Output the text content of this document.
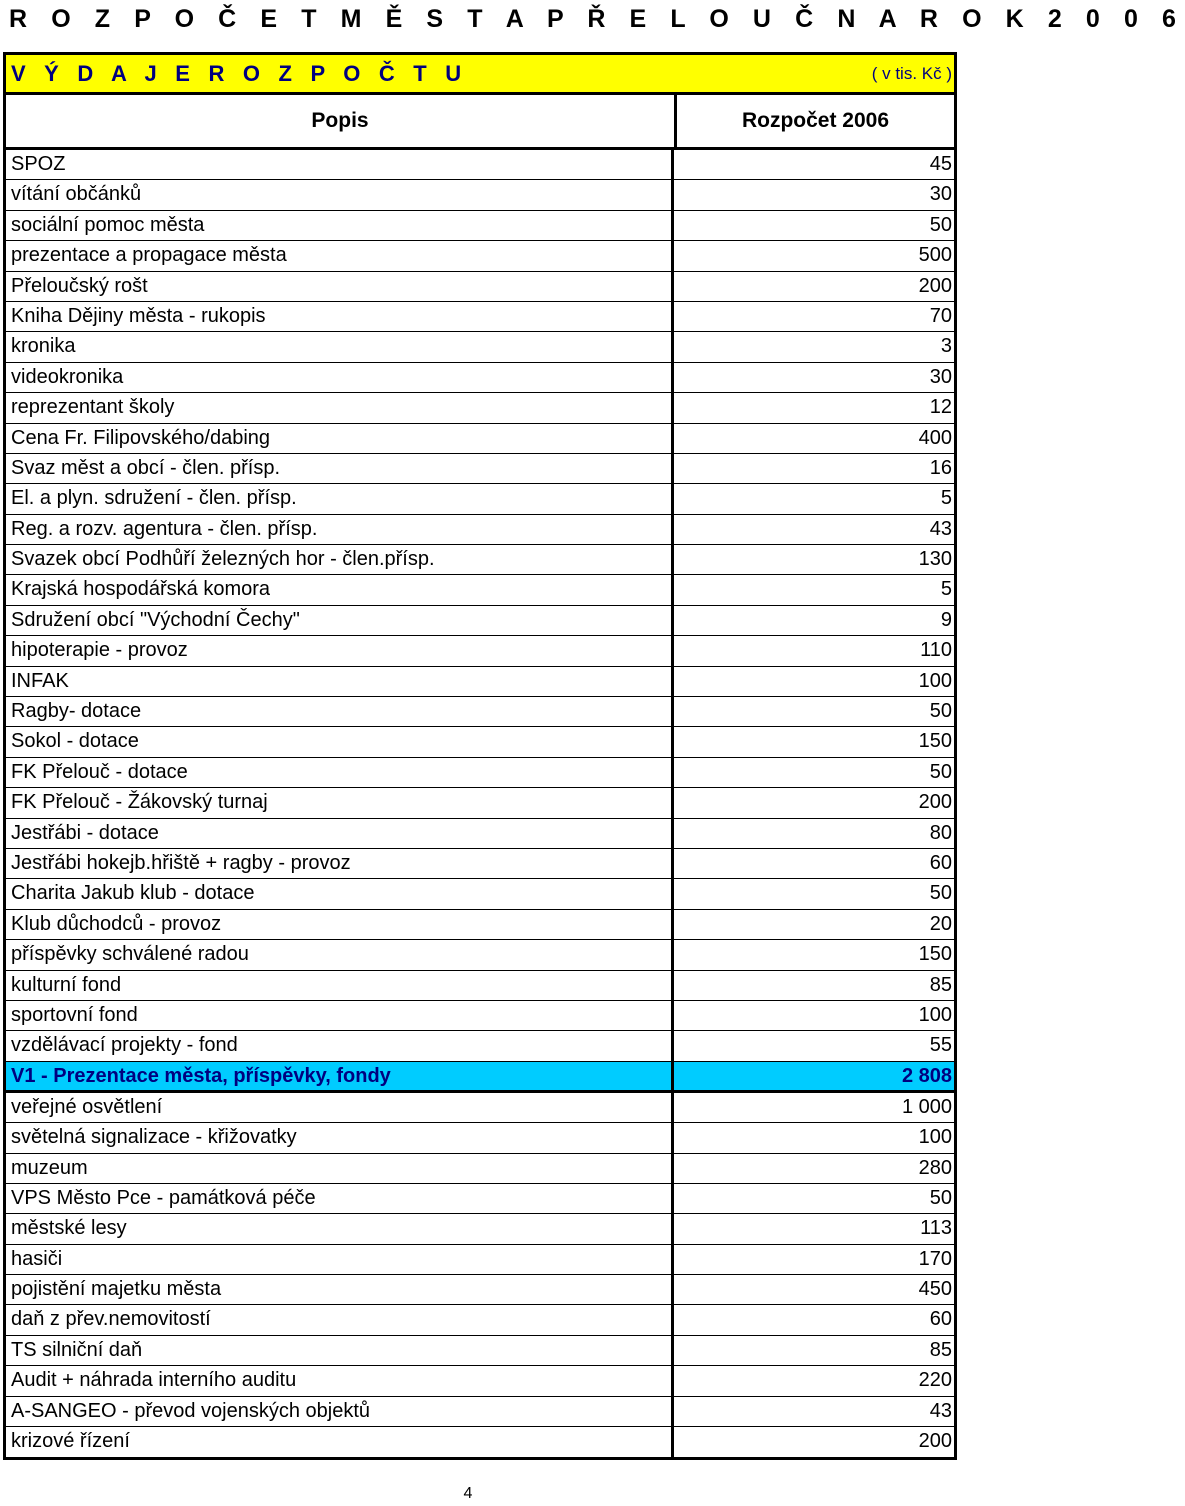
R O Z P O Č E T M Ě S T A P Ř E L O U Č N A R O K 2 0 0 6
V Ý D A J E R O Z P O Č T U	( v tis. Kč )
Popis	Rozpočet 2006
SPOZ	45
vítání občánků	30
sociální pomoc města	50
prezentace a propagace města	500
Přeloučský rošt	200
Kniha Dějiny města - rukopis	70
kronika	3
videokronika	30
reprezentant školy	12
Cena Fr. Filipovského/dabing	400
Svaz měst a obcí - člen. přísp.	16
El. a plyn. sdružení - člen. přísp.	5
Reg. a rozv. agentura - člen. přísp.	43
Svazek obcí Podhůří železných hor - člen.přísp.	130
Krajská hospodářská komora	5
Sdružení obcí "Východní Čechy"	9
hipoterapie - provoz	110
INFAK	100
Ragby- dotace	50
Sokol - dotace	150
FK Přelouč - dotace	50
FK Přelouč - Žákovský turnaj	200
Jestřábi - dotace	80
Jestřábi hokejb.hřiště + ragby - provoz	60
Charita Jakub klub - dotace	50
Klub důchodců - provoz	20
příspěvky schválené radou	150
kulturní fond	85
sportovní fond	100
vzdělávací projekty - fond	55
V1 - Prezentace města, příspěvky, fondy	2 808
veřejné osvětlení	1 000
světelná signalizace - křižovatky	100
muzeum	280
VPS Město Pce - památková péče	50
městské lesy	113
hasiči	170
pojistění majetku města	450
daň z přev.nemovitostí	60
TS silniční daň	85
Audit + náhrada interního auditu	220
A-SANGEO - převod vojenských objektů	43
krizové řízení	200
4
